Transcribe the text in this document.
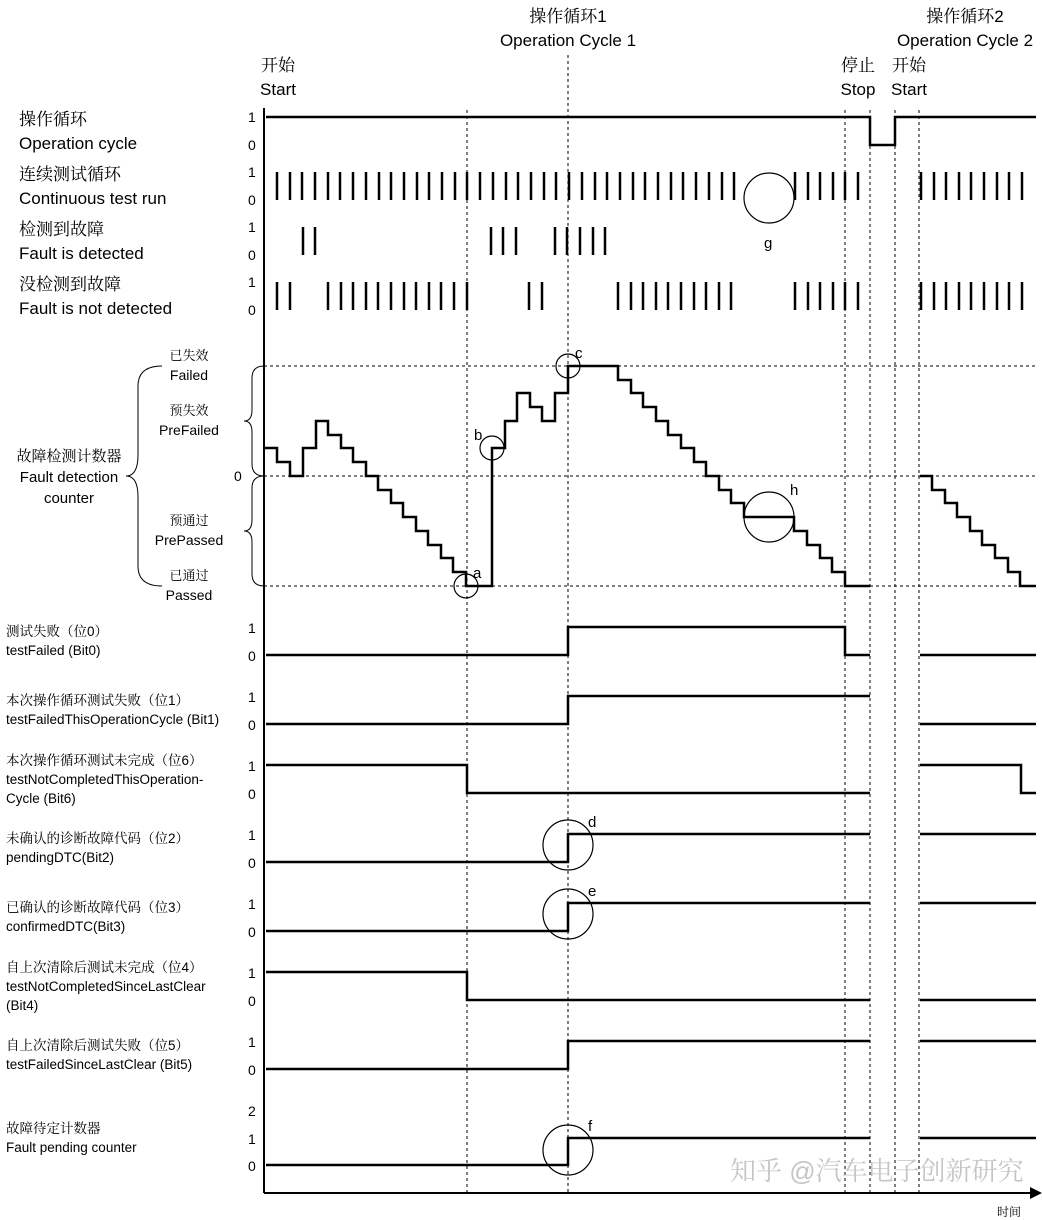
操作循环1
Operation Cycle 1
操作循环2
Operation Cycle 2
开始
Start
停止
Stop
开始
Start
操作循环
Operation cycle
连续测试循环
Continuous test run
检测到故障
Fault is detected
没检测到故障
Fault is not detected
1
0
1
0
1
0
1
0
g
已失效
Failed
预失效
PreFailed
预通过
PrePassed
已通过
Passed
0
故障检测计数器
Fault detection
counter
a
b
c
h
测试失败（位0）
testFailed (Bit0)
本次操作循环测试失败（位1）
testFailedThisOperationCycle (Bit1)
本次操作循环测试未完成（位6）
testNotCompletedThisOperation-
Cycle (Bit6)
未确认的诊断故障代码（位2）
pendingDTC(Bit2)
已确认的诊断故障代码（位3）
confirmedDTC(Bit3)
自上次清除后测试未完成（位4）
testNotCompletedSinceLastClear
(Bit4)
自上次清除后测试失败（位5）
testFailedSinceLastClear (Bit5)
故障待定计数器
Fault pending counter
1
0
1
0
1
0
1
0
1
0
1
0
1
0
2
1
0
d
e
f
知乎 @汽车电子创新研究
时间
